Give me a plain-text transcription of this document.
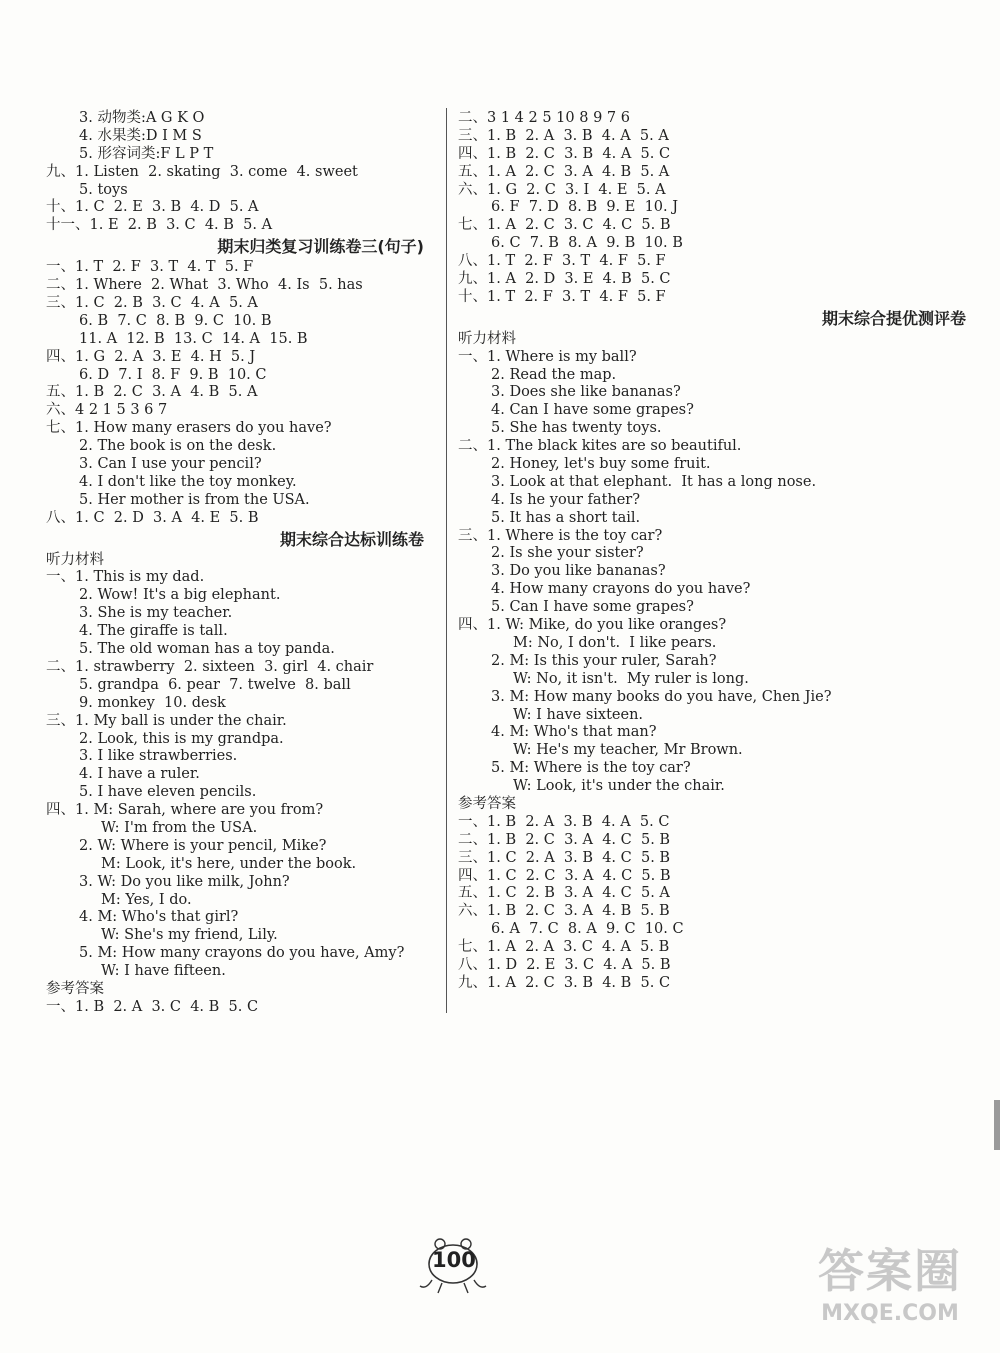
3. 动物类:A G K O
4. 水果类:D I M S
5. 形容词类:F L P T
九、1. Listen  2. skating  3. come  4. sweet
5. toys
十、1. C  2. E  3. B  4. D  5. A
十一、1. E  2. B  3. C  4. B  5. A
期末归类复习训练卷三(句子)
一、1. T  2. F  3. T  4. T  5. F
二、1. Where  2. What  3. Who  4. Is  5. has
三、1. C  2. B  3. C  4. A  5. A
6. B  7. C  8. B  9. C  10. B
11. A  12. B  13. C  14. A  15. B
四、1. G  2. A  3. E  4. H  5. J
6. D  7. I  8. F  9. B  10. C
五、1. B  2. C  3. A  4. B  5. A
六、4 2 1 5 3 6 7
七、1. How many erasers do you have?
2. The book is on the desk.
3. Can I use your pencil?
4. I don't like the toy monkey.
5. Her mother is from the USA.
八、1. C  2. D  3. A  4. E  5. B
期末综合达标训练卷
听力材料
一、1. This is my dad.
2. Wow! It's a big elephant.
3. She is my teacher.
4. The giraffe is tall.
5. The old woman has a toy panda.
二、1. strawberry  2. sixteen  3. girl  4. chair
5. grandpa  6. pear  7. twelve  8. ball
9. monkey  10. desk
三、1. My ball is under the chair.
2. Look, this is my grandpa.
3. I like strawberries.
4. I have a ruler.
5. I have eleven pencils.
四、1. M: Sarah, where are you from?
W: I'm from the USA.
2. W: Where is your pencil, Mike?
M: Look, it's here, under the book.
3. W: Do you like milk, John?
M: Yes, I do.
4. M: Who's that girl?
W: She's my friend, Lily.
5. M: How many crayons do you have, Amy?
W: I have fifteen.
参考答案
一、1. B  2. A  3. C  4. B  5. C
二、3 1 4 2 5 10 8 9 7 6
三、1. B  2. A  3. B  4. A  5. A
四、1. B  2. C  3. B  4. A  5. C
五、1. A  2. C  3. A  4. B  5. A
六、1. G  2. C  3. I  4. E  5. A
6. F  7. D  8. B  9. E  10. J
七、1. A  2. C  3. C  4. C  5. B
6. C  7. B  8. A  9. B  10. B
八、1. T  2. F  3. T  4. F  5. F
九、1. A  2. D  3. E  4. B  5. C
十、1. T  2. F  3. T  4. F  5. F
期末综合提优测评卷
听力材料
一、1. Where is my ball?
2. Read the map.
3. Does she like bananas?
4. Can I have some grapes?
5. She has twenty toys.
二、1. The black kites are so beautiful.
2. Honey, let's buy some fruit.
3. Look at that elephant.  It has a long nose.
4. Is he your father?
5. It has a short tail.
三、1. Where is the toy car?
2. Is she your sister?
3. Do you like bananas?
4. How many crayons do you have?
5. Can I have some grapes?
四、1. W: Mike, do you like oranges?
M: No, I don't.  I like pears.
2. M: Is this your ruler, Sarah?
W: No, it isn't.  My ruler is long.
3. M: How many books do you have, Chen Jie?
W: I have sixteen.
4. M: Who's that man?
W: He's my teacher, Mr Brown.
5. M: Where is the toy car?
W: Look, it's under the chair.
参考答案
一、1. B  2. A  3. B  4. A  5. C
二、1. B  2. C  3. A  4. C  5. B
三、1. C  2. A  3. B  4. C  5. B
四、1. C  2. C  3. A  4. C  5. B
五、1. C  2. B  3. A  4. C  5. A
六、1. B  2. C  3. A  4. B  5. B
6. A  7. C  8. A  9. C  10. C
七、1. A  2. A  3. C  4. A  5. B
八、1. D  2. E  3. C  4. A  5. B
九、1. A  2. C  3. B  4. B  5. C
100	答案圈
MXQE.COM
